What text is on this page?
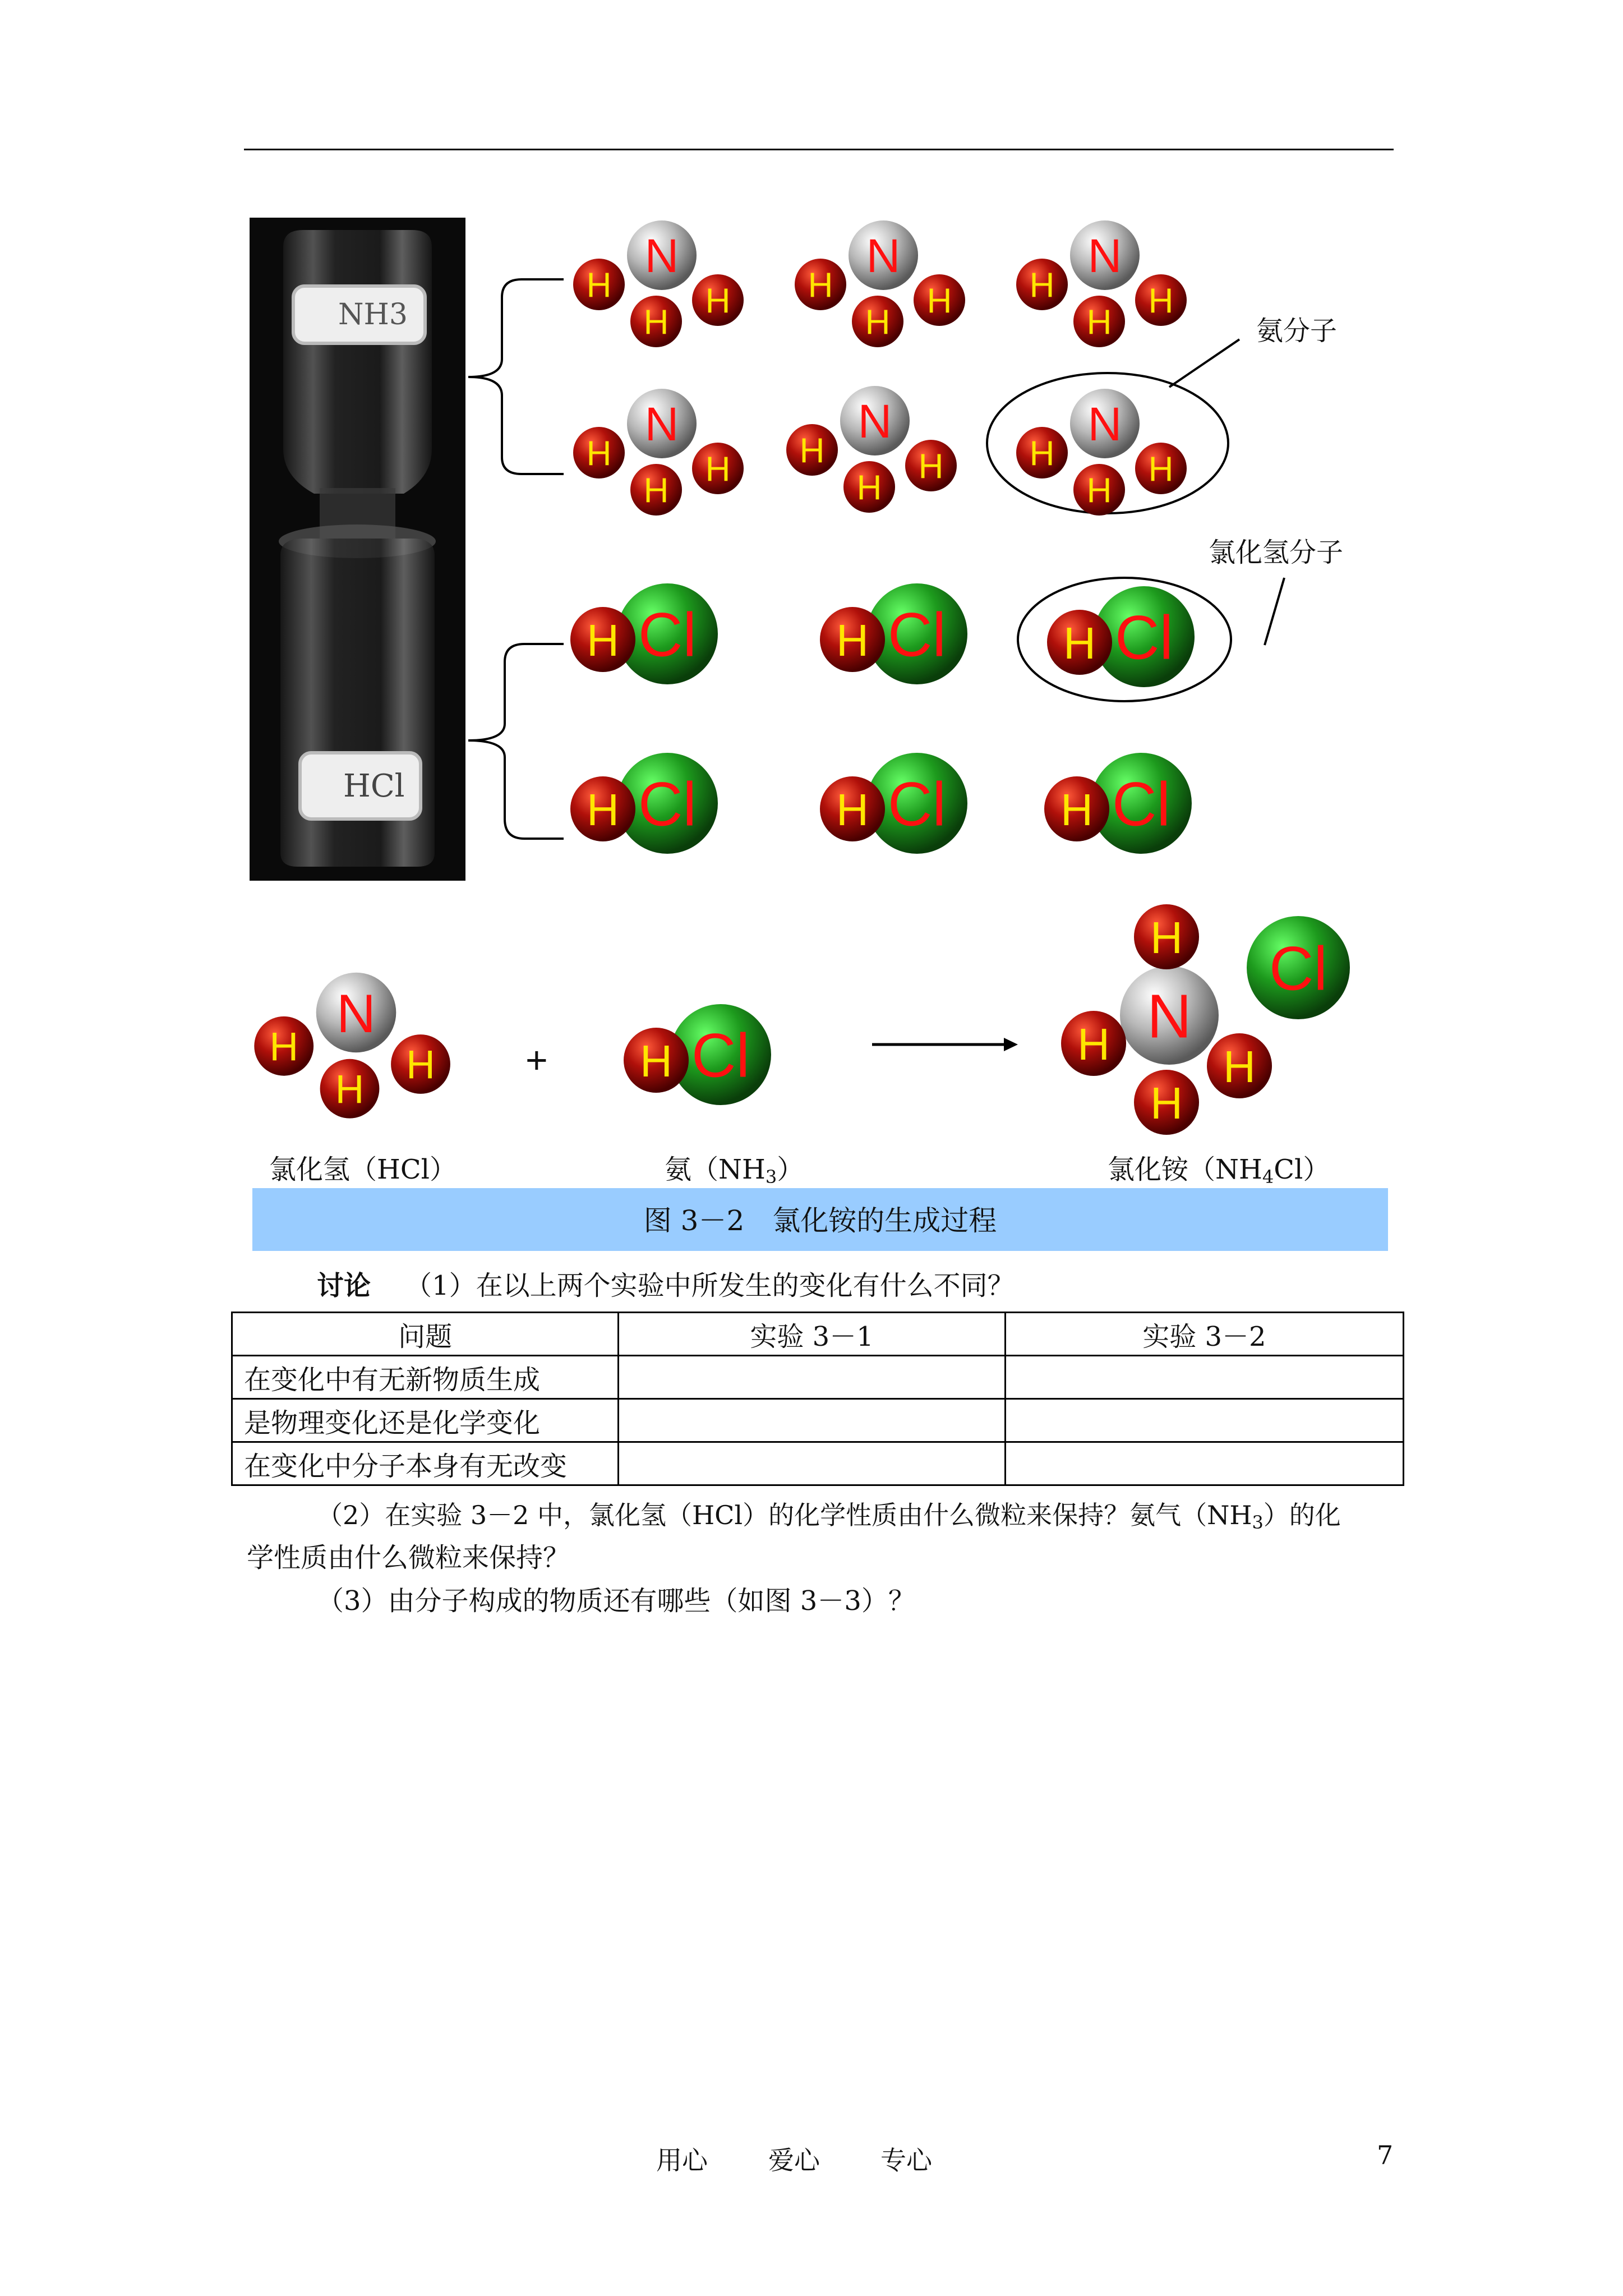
N
H	H
H
N
H	H
H
N
H	H
H
N
H	H
H
N
H	H
H
N
H	H
H
Cl
H	Cl
H	Cl
H
Cl
H	Cl
H	Cl
H
N
H	H
H	Cl
H
N
Cl
H
H	H
H
NH3
HCl
氨分子
氯化氢分子
+
氯化氢（HCl）	氨$(NH_3)$	氯化铵$(NH_4Cl)$
图 3－2　氯化铵的生成过程
讨论 （1）在以上两个实验中所发生的变化有什么不同？
问题	实验 3－1	实验 3－2
在变化中有无新物质生成		
是物理变化还是化学变化		
在变化中分子本身有无改变		
（2）在实验 3－2 中，氯化氢（HCl）的化学性质由什么微粒来保持？氨气$(NH_3)$的化
学性质由什么微粒来保持？
（3）由分子构成的物质还有哪些（如图 3－3）？
用心 爱心 专心	7
